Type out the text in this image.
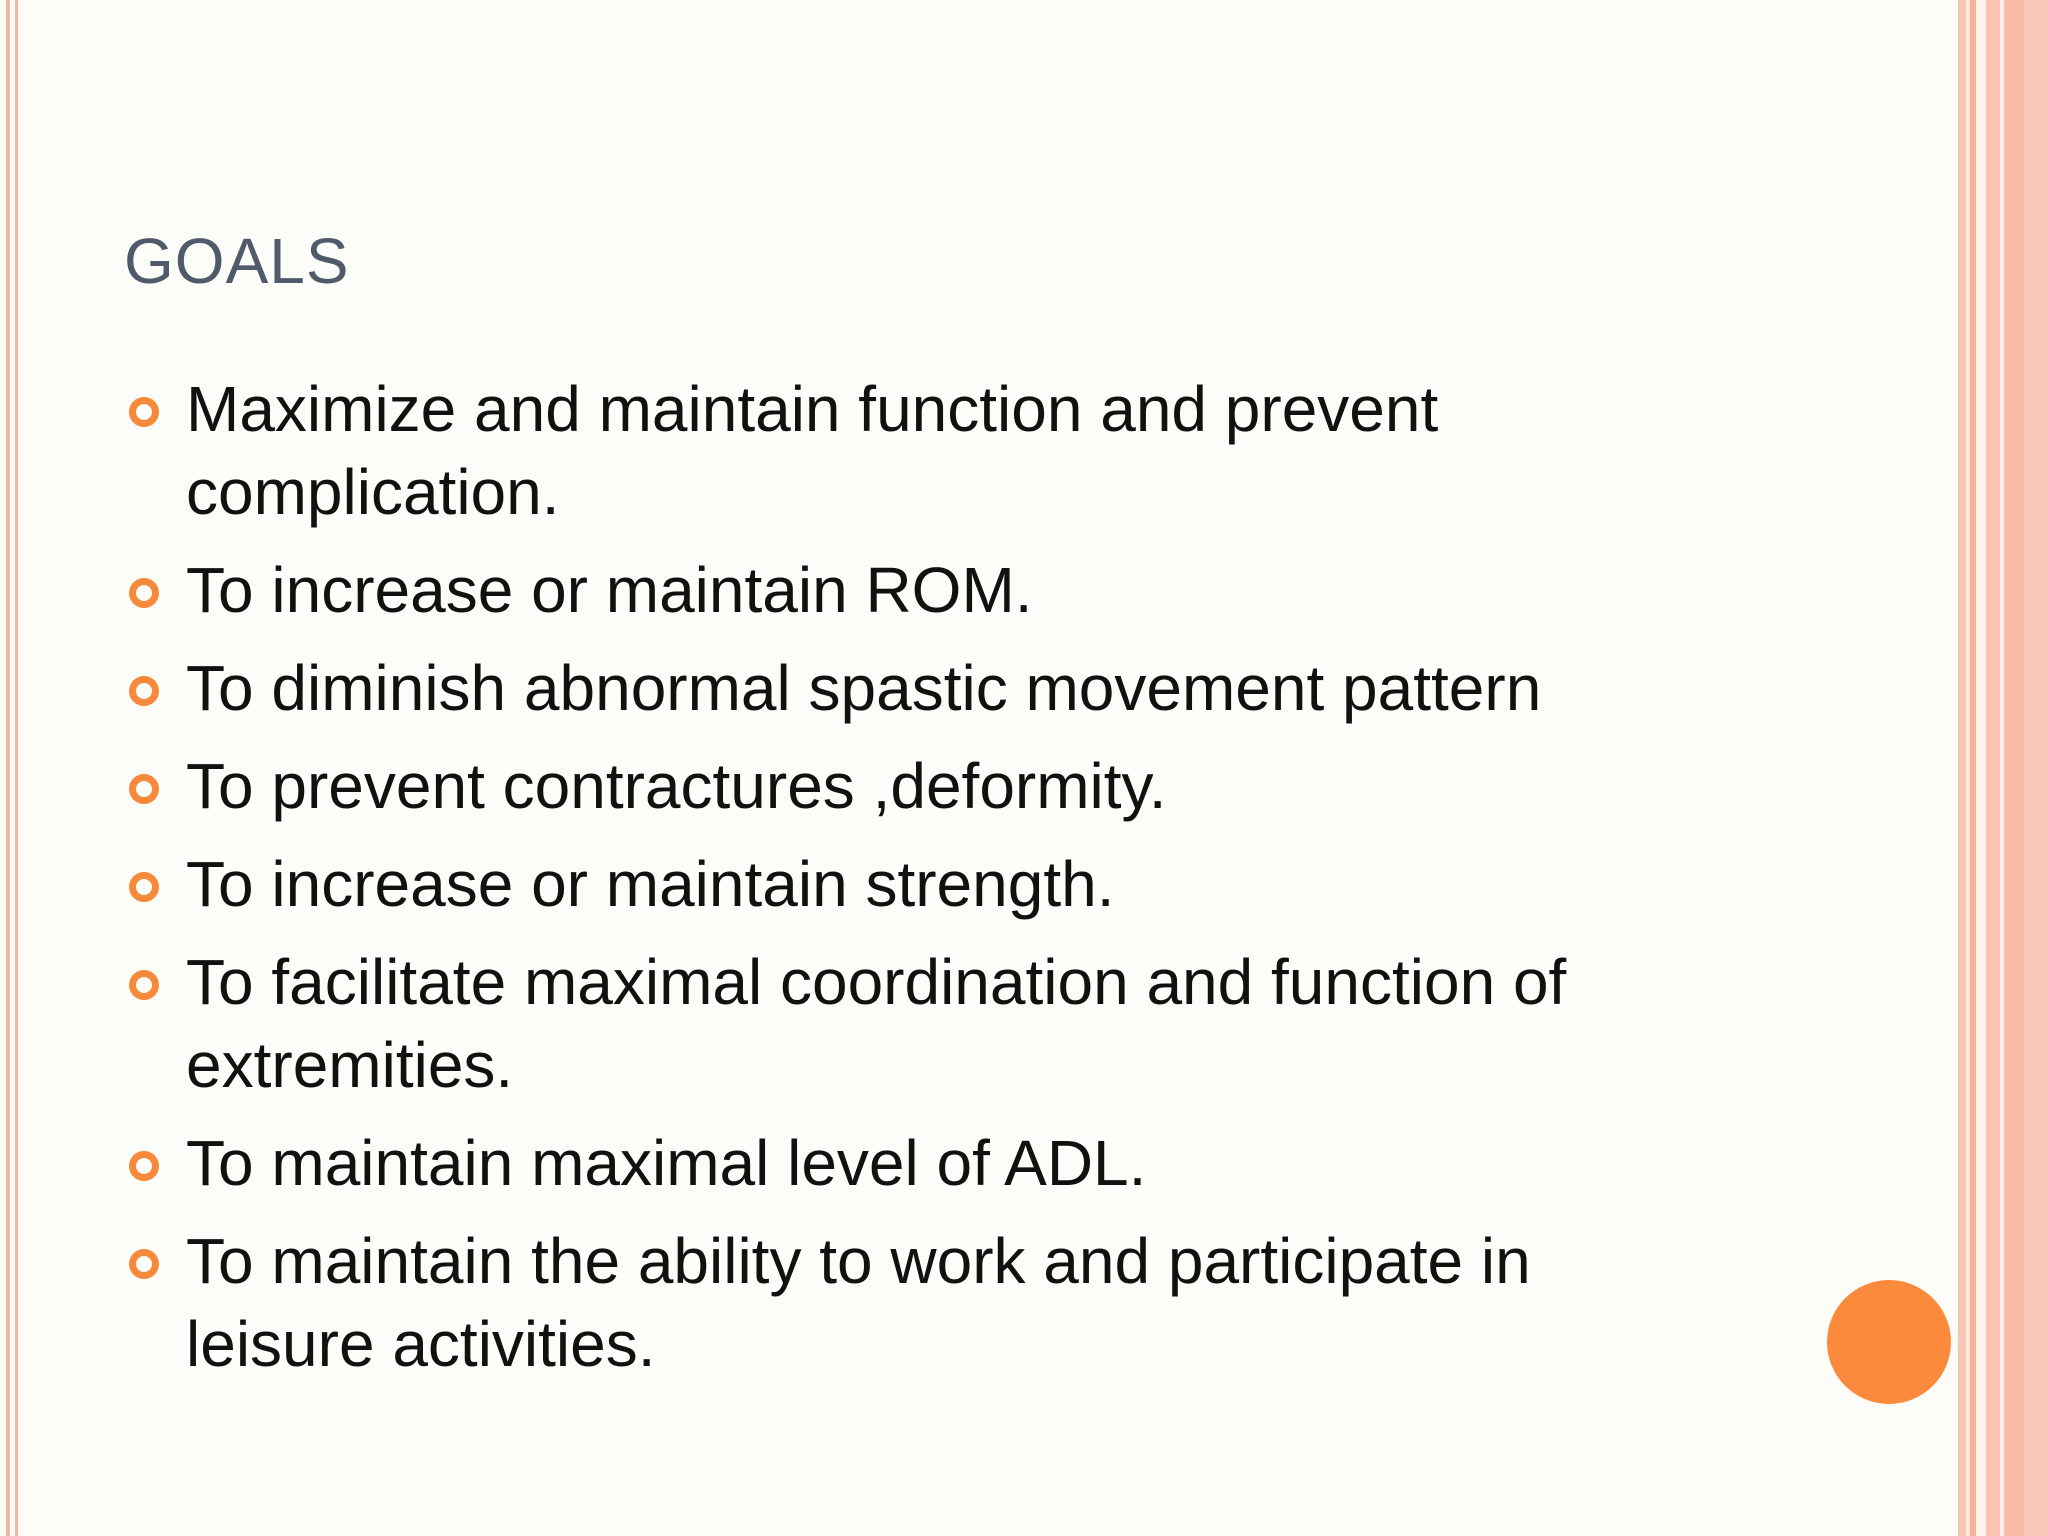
GOALS
Maximize and maintain function and prevent complication.
To increase or maintain ROM.
To diminish abnormal spastic movement pattern
To prevent contractures ,deformity.
To increase or maintain strength.
To facilitate maximal coordination and function of extremities.
To maintain maximal level of ADL.
To maintain the ability to work and participate in leisure activities.
